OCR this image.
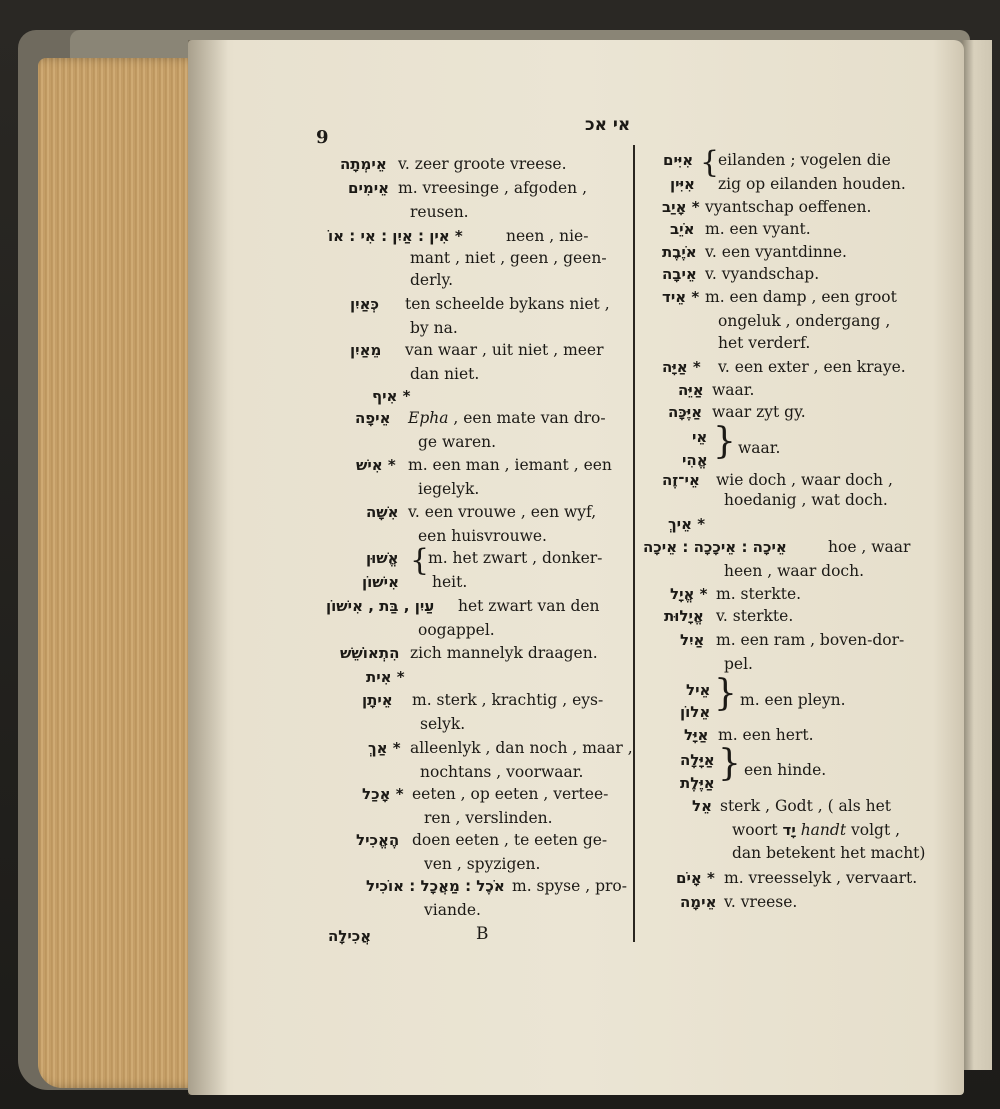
9
אי אכ
אֵימְתָה v. zeer groote vreese.
אֵימִים m. vreesinge , afgoden ,
reusen.
* אִין : אַיִן : אִי : אוֹ	neen , nie-
mant , niet , geen , geen-
derly.
כְּאַיִן ten scheelde bykans niet ,
by na.
מֵאַיִן van waar , uit niet , meer
dan niet.
* אִיף
אֵיפָה Epha , een mate van dro-
ge waren.
* אִישׁ m. een man , iemant , een
iegelyk.
אִשָּׁה v. een vrouwe , een wyf,
een huisvrouwe.
אֱשׁוּן
אִישׁוֹן
{
m. het zwart , donker-
heit.
עַיִן , בַּת , אִישׁוֹן het zwart van den
oogappel.
הִתְאוֹשֵׁשׁ zich mannelyk draagen.
* אִית
אֵיתָן m. sterk , krachtig , eys-
selyk.
* אַךְ alleenlyk , dan noch , maar ,
nochtans , voorwaar.
* אָכַל eeten , op eeten , vertee-
ren , verslinden.
הֶאֱכִיל doen eeten , te eeten ge-
ven , spyzigen.
אֹכֶל : מַאֲכָל : אוֹכִיל m. spyse , pro-
viande.
אִיִּים
אִיִּין
{
eilanden ; vogelen die
zig op eilanden houden.
* אָיַב vyantschap oeffenen.
אֹיֵב m. een vyant.
אֹיֶבֶת v. een vyantdinne.
אֵיבָה v. vyandschap.
* אֵיד m. een damp , een groot
ongeluk , ondergang ,
het verderf.
* אַיָּה v. een exter , een kraye.
אַיֵּה waar.
אַיֶּכָּה waar zyt gy.
אֵי
אֱהִי } waar.
אֵי־זֶה wie doch , waar doch ,
hoedanig , wat doch.
* אֵיךְ
אֵיכָה : אֵיכָכָה : אֵיכָה	hoe , waar
heen , waar doch.
* אֱיָל m. sterkte.
אֱיָלוּת v. sterkte.
אַיִל m. een ram , boven-dor-
pel.
אֵיל
אֵלוֹן } m. een pleyn.
אַיָּל m. een hert.
אַיָּלָה
אַיֶּלֶת } een hinde.
אֵל sterk , Godt , ( als het
woort יָד handt volgt ,
dan betekent het macht)
* אָיֹם m. vreesselyk , vervaart.
אֵימָה v. vreese.
אֲכִילָה	B
